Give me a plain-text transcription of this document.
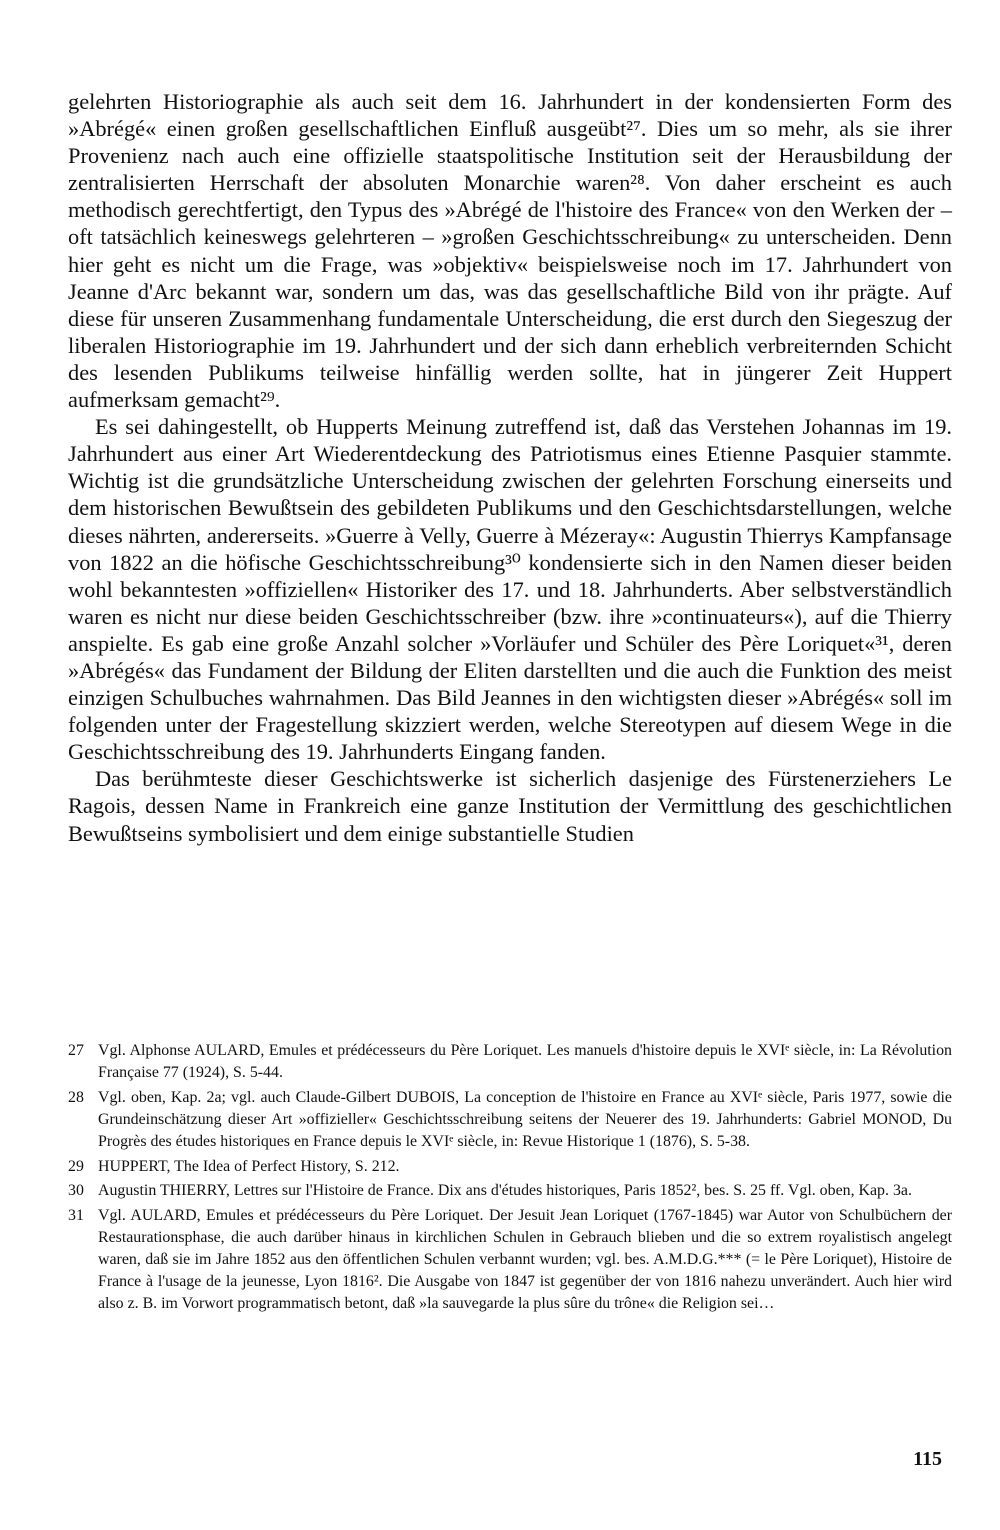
gelehrten Historiographie als auch seit dem 16. Jahrhundert in der kondensierten Form des »Abrégé« einen großen gesellschaftlichen Einfluß ausgeübt²⁷. Dies um so mehr, als sie ihrer Provenienz nach auch eine offizielle staatspolitische Institution seit der Herausbildung der zentralisierten Herrschaft der absoluten Monarchie waren²⁸. Von daher erscheint es auch methodisch gerechtfertigt, den Typus des »Abrégé de l'histoire des France« von den Werken der – oft tatsächlich keineswegs gelehrteren – »großen Geschichtsschreibung« zu unterscheiden. Denn hier geht es nicht um die Frage, was »objektiv« beispielsweise noch im 17. Jahrhundert von Jeanne d'Arc bekannt war, sondern um das, was das gesellschaftliche Bild von ihr prägte. Auf diese für unseren Zusammenhang fundamentale Unterscheidung, die erst durch den Siegeszug der liberalen Historiographie im 19. Jahrhundert und der sich dann erheblich verbreiternden Schicht des lesenden Publikums teilweise hinfällig werden sollte, hat in jüngerer Zeit Huppert aufmerksam gemacht²⁹.

Es sei dahingestellt, ob Hupperts Meinung zutreffend ist, daß das Verstehen Johannas im 19. Jahrhundert aus einer Art Wiederentdeckung des Patriotismus eines Etienne Pasquier stammte. Wichtig ist die grundsätzliche Unterscheidung zwischen der gelehrten Forschung einerseits und dem historischen Bewußtsein des gebildeten Publikums und den Geschichtsdarstellungen, welche dieses nährten, andererseits. »Guerre à Velly, Guerre à Mézeray«: Augustin Thierrys Kampfansage von 1822 an die höfische Geschichtsschreibung³⁰ kondensierte sich in den Namen dieser beiden wohl bekanntesten »offiziellen« Historiker des 17. und 18. Jahrhunderts. Aber selbstverständlich waren es nicht nur diese beiden Geschichtsschreiber (bzw. ihre »continuateurs«), auf die Thierry anspielte. Es gab eine große Anzahl solcher »Vorläufer und Schüler des Père Loriquet«³¹, deren »Abrégés« das Fundament der Bildung der Eliten darstellten und die auch die Funktion des meist einzigen Schulbuches wahrnahmen. Das Bild Jeannes in den wichtigsten dieser »Abrégés« soll im folgenden unter der Fragestellung skizziert werden, welche Stereotypen auf diesem Wege in die Geschichtsschreibung des 19. Jahrhunderts Eingang fanden.

Das berühmteste dieser Geschichtswerke ist sicherlich dasjenige des Fürstenerziehers Le Ragois, dessen Name in Frankreich eine ganze Institution der Vermittlung des geschichtlichen Bewußtseins symbolisiert und dem einige substantielle Studien

27 Vgl. Alphonse AULARD, Emules et prédécesseurs du Père Loriquet. Les manuels d'histoire depuis le XVIᵉ siècle, in: La Révolution Française 77 (1924), S. 5-44.
28 Vgl. oben, Kap. 2a; vgl. auch Claude-Gilbert DUBOIS, La conception de l'histoire en France au XVIᵉ siècle, Paris 1977, sowie die Grundeinschätzung dieser Art »offizieller« Geschichtsschreibung seitens der Neuerer des 19. Jahrhunderts: Gabriel MONOD, Du Progrès des études historiques en France depuis le XVIᵉ siècle, in: Revue Historique 1 (1876), S. 5-38.
29 HUPPERT, The Idea of Perfect History, S. 212.
30 Augustin THIERRY, Lettres sur l'Histoire de France. Dix ans d'études historiques, Paris 1852², bes. S. 25 ff. Vgl. oben, Kap. 3a.
31 Vgl. AULARD, Emules et prédécesseurs du Père Loriquet. Der Jesuit Jean Loriquet (1767-1845) war Autor von Schulbüchern der Restaurationsphase, die auch darüber hinaus in kirchlichen Schulen in Gebrauch blieben und die so extrem royalistisch angelegt waren, daß sie im Jahre 1852 aus den öffentlichen Schulen verbannt wurden; vgl. bes. A.M.D.G.*** (= le Père Loriquet), Histoire de France à l'usage de la jeunesse, Lyon 1816². Die Ausgabe von 1847 ist gegenüber der von 1816 nahezu unverändert. Auch hier wird also z. B. im Vorwort programmatisch betont, daß »la sauvegarde la plus sûre du trône« die Religion sei…
115
